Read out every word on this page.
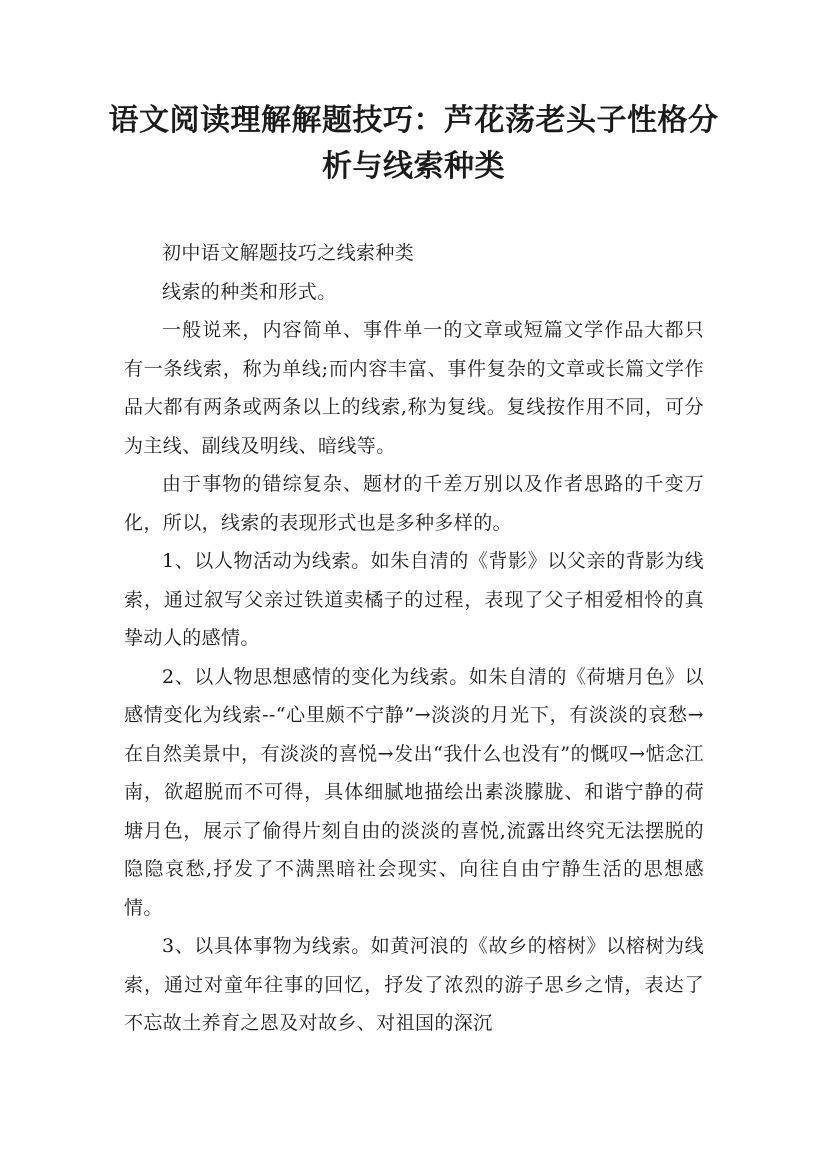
语文阅读理解解题技巧：芦花荡老头子性格分析与线索种类

初中语文解题技巧之线索种类

线索的种类和形式。

一般说来，内容简单、事件单一的文章或短篇文学作品大都只有一条线索，称为单线;而内容丰富、事件复杂的文章或长篇文学作品大都有两条或两条以上的线索,称为复线。复线按作用不同，可分为主线、副线及明线、暗线等。

由于事物的错综复杂、题材的千差万别以及作者思路的千变万化，所以，线索的表现形式也是多种多样的。

1、以人物活动为线索。如朱自清的《背影》以父亲的背影为线索，通过叙写父亲过铁道卖橘子的过程，表现了父子相爱相怜的真挚动人的感情。

2、以人物思想感情的变化为线索。如朱自清的《荷塘月色》以感情变化为线索--“心里颇不宁静”→淡淡的月光下，有淡淡的哀愁→在自然美景中，有淡淡的喜悦→发出“我什么也没有”的慨叹→惦念江南，欲超脱而不可得，具体细腻地描绘出素淡朦胧、和谐宁静的荷塘月色，展示了偷得片刻自由的淡淡的喜悦,流露出终究无法摆脱的隐隐哀愁,抒发了不满黑暗社会现实、向往自由宁静生活的思想感情。

3、以具体事物为线索。如黄河浪的《故乡的榕树》以榕树为线索，通过对童年往事的回忆，抒发了浓烈的游子思乡之情，表达了不忘故土养育之恩及对故乡、对祖国的深沉
